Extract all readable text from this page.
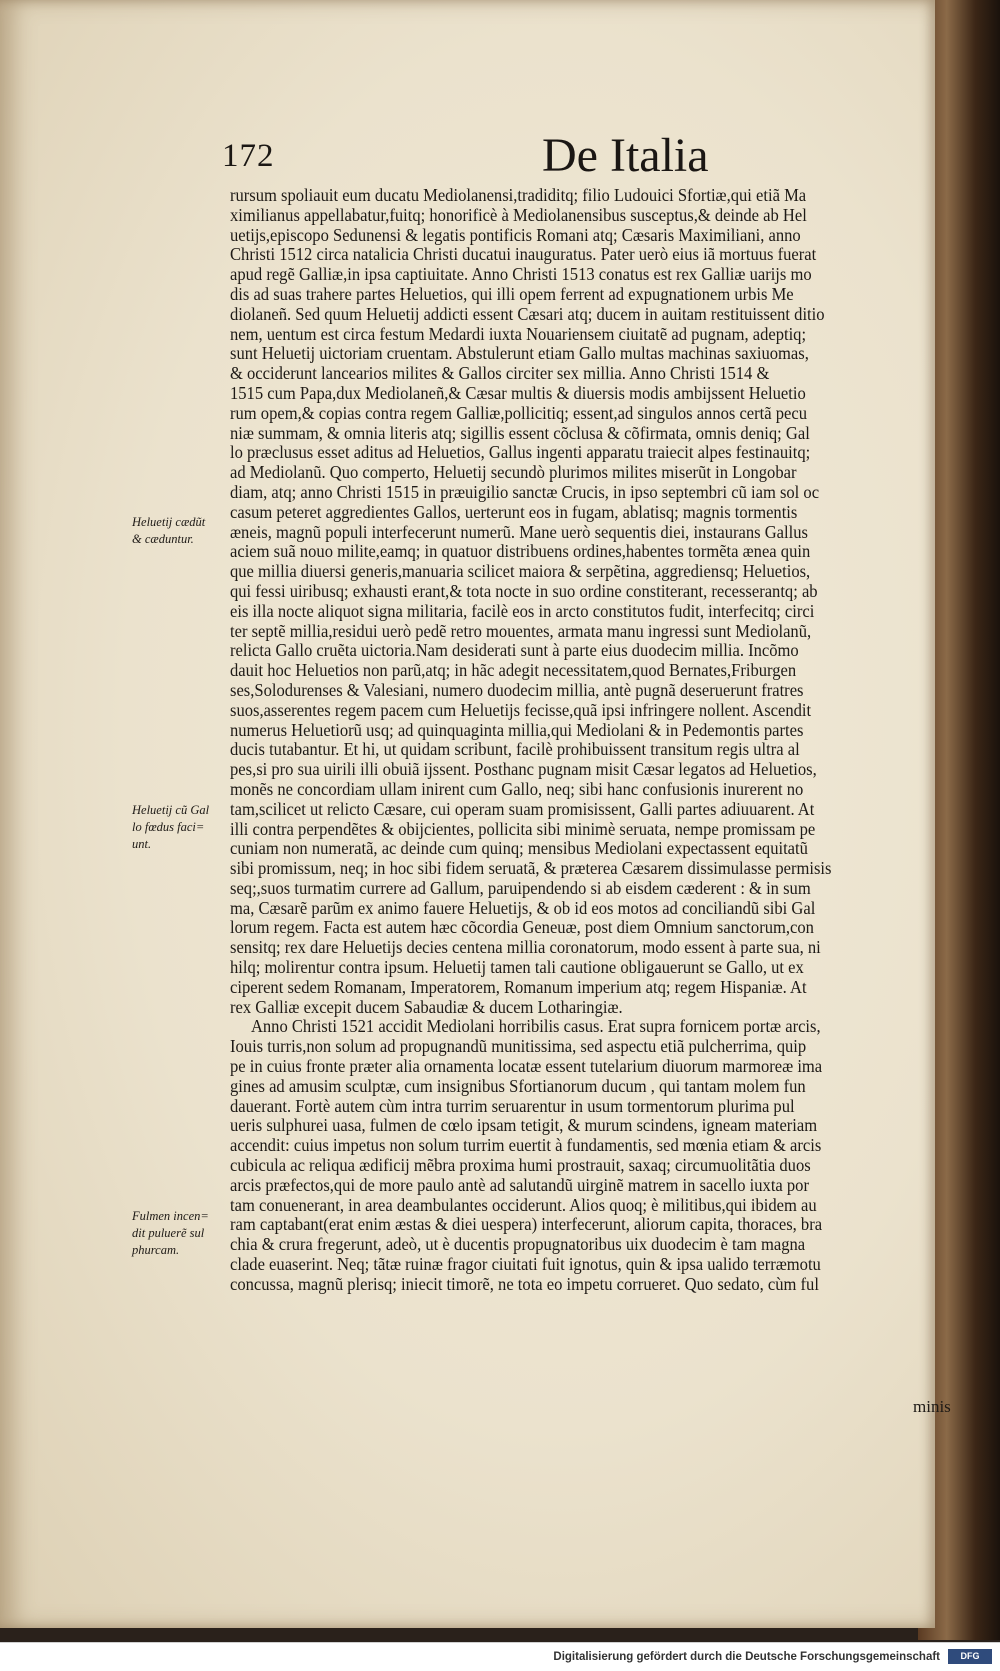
172	De Italia
rursum spoliauit eum ducatu Mediolanensi,tradiditq; filio Ludouici Sfortiæ,qui etiã Ma
ximilianus appellabatur,fuitq; honorificè à Mediolanensibus susceptus,& deinde ab Hel
uetijs,episcopo Sedunensi & legatis pontificis Romani atq; Cæsaris Maximiliani, anno
Christi 1512 circa natalicia Christi ducatui inauguratus. Pater uerò eius iã mortuus fuerat
apud regẽ Galliæ,in ipsa captiuitate. Anno Christi 1513 conatus est rex Galliæ uarijs mo
dis ad suas trahere partes Heluetios, qui illi opem ferrent ad expugnationem urbis Me
diolaneñ. Sed quum Heluetij addicti essent Cæsari atq; ducem in auitam restituissent ditio
nem, uentum est circa festum Medardi iuxta Nouariensem ciuitatẽ ad pugnam, adeptiq;
sunt Heluetij uictoriam cruentam. Abstulerunt etiam Gallo multas machinas saxiuomas,
& occiderunt lancearios milites & Gallos circiter sex millia. Anno Christi 1514 &
1515 cum Papa,dux Mediolaneñ,& Cæsar multis & diuersis modis ambijssent Heluetio
rum opem,& copias contra regem Galliæ,pollicitiq; essent,ad singulos annos certã pecu
niæ summam, & omnia literis atq; sigillis essent cõclusa & cõfirmata, omnis deniq; Gal
lo præclusus esset aditus ad Heluetios, Gallus ingenti apparatu traiecit alpes festinauitq;
ad Mediolanũ. Quo comperto, Heluetij secundò plurimos milites miserũt in Longobar
diam, atq; anno Christi 1515 in præuigilio sanctæ Crucis, in ipso septembri cũ iam sol oc
casum peteret aggredientes Gallos, uerterunt eos in fugam, ablatisq; magnis tormentis
æneis, magnũ populi interfecerunt numerũ. Mane uerò sequentis diei, instaurans Gallus
aciem suã nouo milite,eamq; in quatuor distribuens ordines,habentes tormẽta ænea quin
que millia diuersi generis,manuaria scilicet maiora & serpẽtina, aggrediensq; Heluetios,
qui fessi uiribusq; exhausti erant,& tota nocte in suo ordine constiterant, recesserantq; ab
eis illa nocte aliquot signa militaria, facilè eos in arcto constitutos fudit, interfecitq; circi
ter septẽ millia,residui uerò pedẽ retro mouentes, armata manu ingressi sunt Mediolanũ,
relicta Gallo cruẽta uictoria.Nam desiderati sunt à parte eius duodecim millia. Incõmo
dauit hoc Heluetios non parũ,atq; in hãc adegit necessitatem,quod Bernates,Friburgen
ses,Solodurenses & Valesiani, numero duodecim millia, antè pugnã deseruerunt fratres
suos,asserentes regem pacem cum Heluetijs fecisse,quã ipsi infringere nollent. Ascendit
numerus Heluetiorũ usq; ad quinquaginta millia,qui Mediolani & in Pedemontis partes
ducis tutabantur. Et hi, ut quidam scribunt, facilè prohibuissent transitum regis ultra al
pes,si pro sua uirili illi obuiã ijssent. Posthanc pugnam misit Cæsar legatos ad Heluetios,
monẽs ne concordiam ullam inirent cum Gallo, neq; sibi hanc confusionis inurerent no
tam,scilicet ut relicto Cæsare, cui operam suam promisissent, Galli partes adiuuarent. At
illi contra perpendẽtes & obijcientes, pollicita sibi minimè seruata, nempe promissam pe
cuniam non numeratã, ac deinde cum quinq; mensibus Mediolani expectassent equitatũ
sibi promissum, neq; in hoc sibi fidem seruatã, & præterea Cæsarem dissimulasse permisis
seq;,suos turmatim currere ad Gallum, paruipendendo si ab eisdem cæderent : & in sum
ma, Cæsarẽ parũm ex animo fauere Heluetijs, & ob id eos motos ad conciliandũ sibi Gal
lorum regem. Facta est autem hæc cõcordia Geneuæ, post diem Omnium sanctorum,con
sensitq; rex dare Heluetijs decies centena millia coronatorum, modo essent à parte sua, ni
hilq; molirentur contra ipsum. Heluetij tamen tali cautione obligauerunt se Gallo, ut ex
ciperent sedem Romanam, Imperatorem, Romanum imperium atq; regem Hispaniæ. At
rex Galliæ excepit ducem Sabaudiæ & ducem Lotharingiæ.
Anno Christi 1521 accidit Mediolani horribilis casus. Erat supra fornicem portæ arcis,
Iouis turris,non solum ad propugnandũ munitissima, sed aspectu etiã pulcherrima, quip
pe in cuius fronte præter alia ornamenta locatæ essent tutelarium diuorum marmoreæ ima
gines ad amusim sculptæ, cum insignibus Sfortianorum ducum , qui tantam molem fun
dauerant. Fortè autem cùm intra turrim seruarentur in usum tormentorum plurima pul
ueris sulphurei uasa, fulmen de cœlo ipsam tetigit, & murum scindens, igneam materiam
accendit: cuius impetus non solum turrim euertit à fundamentis, sed mœnia etiam & arcis
cubicula ac reliqua ædificij mẽbra proxima humi prostrauit, saxaq; circumuolitãtia duos
arcis præfectos,qui de more paulo antè ad salutandũ uirginẽ matrem in sacello iuxta por
tam conuenerant, in area deambulantes occiderunt. Alios quoq; è militibus,qui ibidem au
ram captabant(erat enim æstas & diei uespera) interfecerunt, aliorum capita, thoraces, bra
chia & crura fregerunt, adeò, ut è ducentis propugnatoribus uix duodecim è tam magna
clade euaserint. Neq; tãtæ ruinæ fragor ciuitati fuit ignotus, quin & ipsa ualido terræmotu
concussa, magnũ plerisq; iniecit timorẽ, ne tota eo impetu corrueret. Quo sedato, cùm ful
Heluetij cædũt
& cæduntur.
Heluetij cũ Gal
lo fœdus faci=
unt.
Fulmen incen=
dit puluerẽ sul
phurcam.
minis
Digitalisierung gefördert durch die Deutsche Forschungsgemeinschaft	DFG
